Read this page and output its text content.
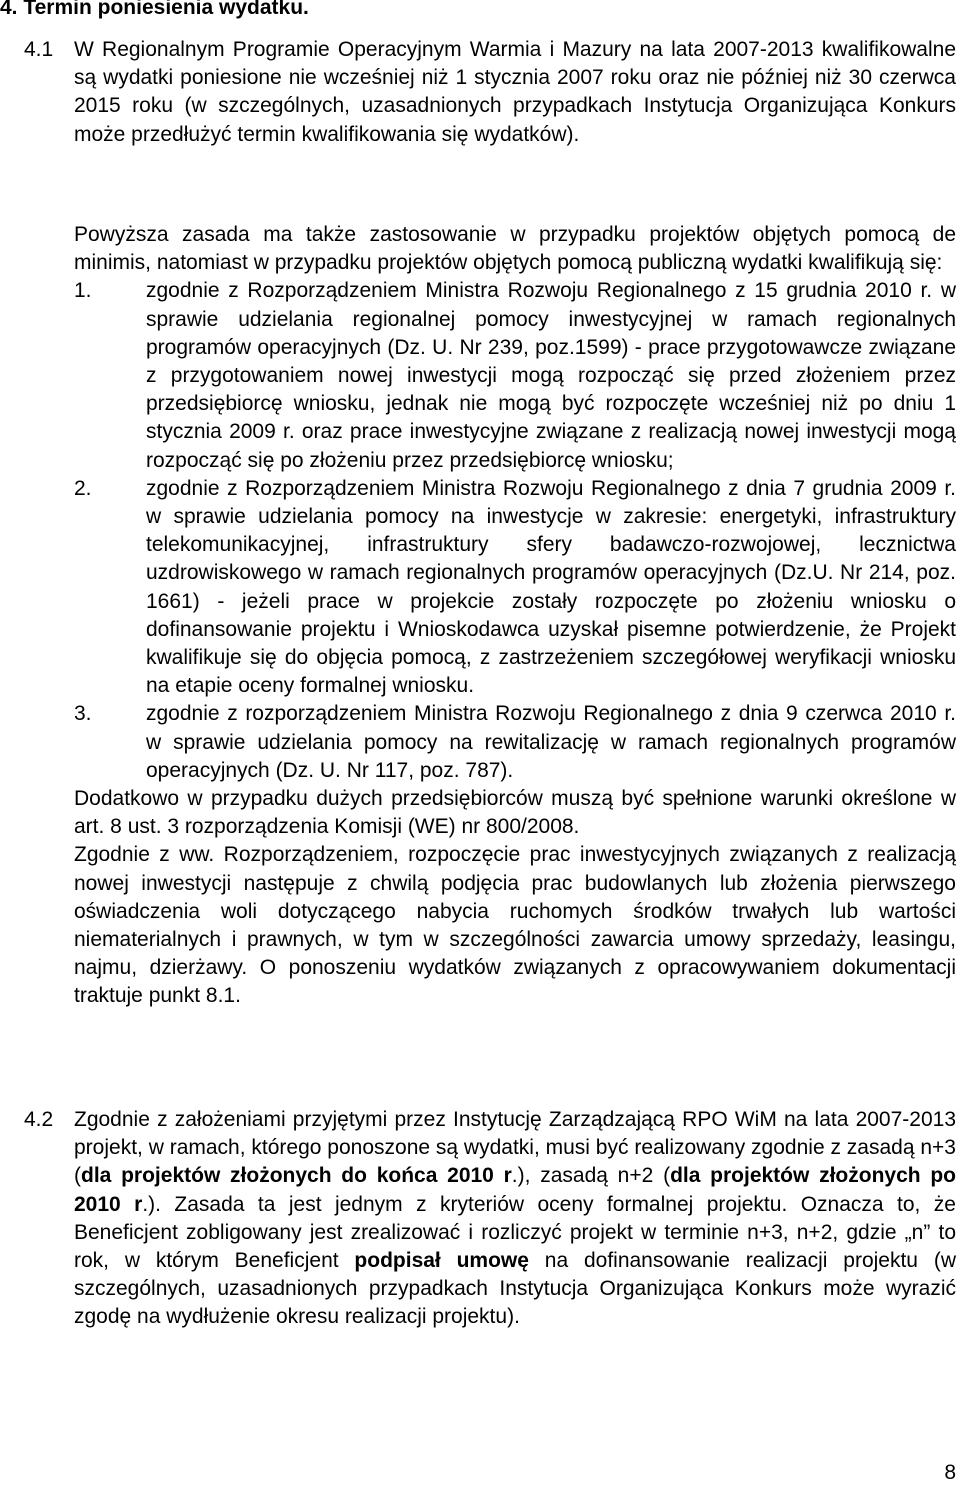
4. Termin poniesienia wydatku.
4.1 W Regionalnym Programie Operacyjnym Warmia i Mazury na lata 2007-2013 kwalifikowalne są wydatki poniesione nie wcześniej niż 1 stycznia 2007 roku oraz nie później niż 30 czerwca 2015 roku (w szczególnych, uzasadnionych przypadkach Instytucja Organizująca Konkurs może przedłużyć termin kwalifikowania się wydatków).

Powyższa zasada ma także zastosowanie w przypadku projektów objętych pomocą de minimis, natomiast w przypadku projektów objętych pomocą publiczną wydatki kwalifikują się:

1.	zgodnie z Rozporządzeniem Ministra Rozwoju Regionalnego z 15 grudnia 2010 r. w sprawie udzielania regionalnej pomocy inwestycyjnej w ramach regionalnych programów operacyjnych (Dz. U. Nr 239, poz.1599) - prace przygotowawcze związane z przygotowaniem nowej inwestycji mogą rozpocząć się przed złożeniem przez przedsiębiorcę wniosku, jednak nie mogą być rozpoczęte wcześniej niż po dniu 1 stycznia 2009 r. oraz prace inwestycyjne związane z realizacją nowej inwestycji mogą rozpocząć się po złożeniu przez przedsiębiorcę wniosku;

2.	zgodnie z Rozporządzeniem Ministra Rozwoju Regionalnego z dnia 7 grudnia 2009 r. w sprawie udzielania pomocy na inwestycje w zakresie: energetyki, infrastruktury telekomunikacyjnej, infrastruktury sfery badawczo-rozwojowej, lecznictwa uzdrowiskowego w ramach regionalnych programów operacyjnych (Dz.U. Nr 214, poz. 1661) - jeżeli prace w projekcie zostały rozpoczęte po złożeniu wniosku o dofinansowanie projektu i Wnioskodawca uzyskał pisemne potwierdzenie, że Projekt kwalifikuje się do objęcia pomocą, z zastrzeżeniem szczegółowej weryfikacji wniosku na etapie oceny formalnej wniosku.

3.	zgodnie z rozporządzeniem Ministra Rozwoju Regionalnego z dnia 9 czerwca 2010 r. w sprawie udzielania pomocy na rewitalizację w ramach regionalnych programów operacyjnych (Dz. U. Nr 117, poz. 787).

Dodatkowo w przypadku dużych przedsiębiorców muszą być spełnione warunki określone w art. 8 ust. 3 rozporządzenia Komisji (WE) nr 800/2008.

Zgodnie z ww. Rozporządzeniem, rozpoczęcie prac inwestycyjnych związanych z realizacją nowej inwestycji następuje z chwilą podjęcia prac budowlanych lub złożenia pierwszego oświadczenia woli dotyczącego nabycia ruchomych środków trwałych lub wartości niematerialnych i prawnych, w tym w szczególności zawarcia umowy sprzedaży, leasingu, najmu, dzierżawy. O ponoszeniu wydatków związanych z opracowywaniem dokumentacji traktuje punkt 8.1.

4.2 Zgodnie z założeniami przyjętymi przez Instytucję Zarządzającą RPO WiM na lata 2007-2013 projekt, w ramach, którego ponoszone są wydatki, musi być realizowany zgodnie z zasadą n+3 (dla projektów złożonych do końca 2010 r.), zasadą n+2 (dla projektów złożonych po 2010 r.). Zasada ta jest jednym z kryteriów oceny formalnej projektu. Oznacza to, że Beneficjent zobligowany jest zrealizować i rozliczyć projekt w terminie n+3, n+2, gdzie „n” to rok, w którym Beneficjent podpisał umowę na dofinansowanie realizacji projektu (w szczególnych, uzasadnionych przypadkach Instytucja Organizująca Konkurs może wyrazić zgodę na wydłużenie okresu realizacji projektu).

8
